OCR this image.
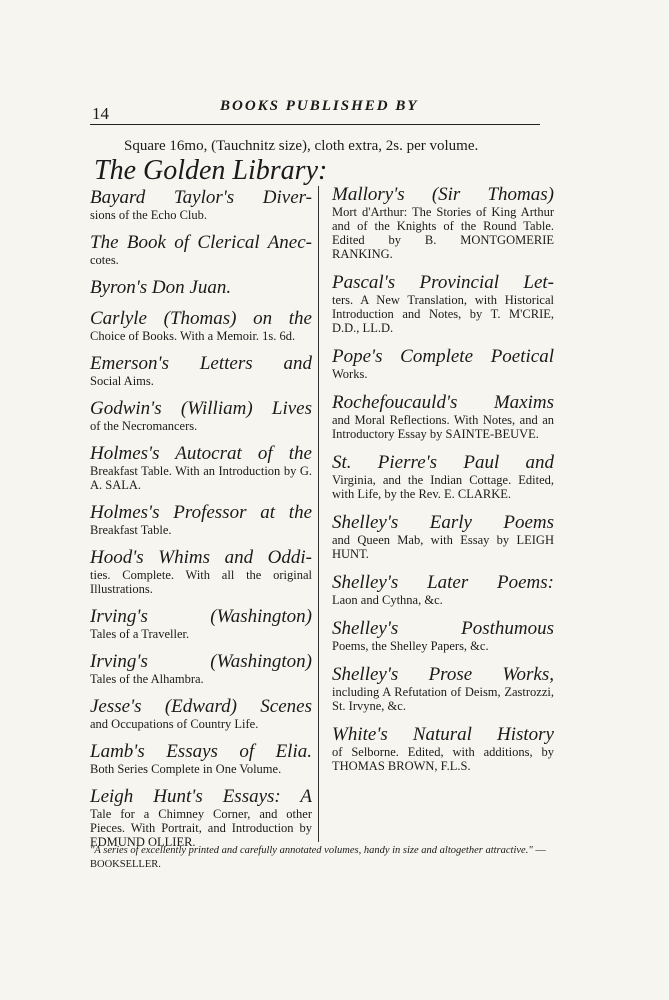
14	BOOKS PUBLISHED BY
Square 16mo, (Tauchnitz size), cloth extra, 2s. per volume.
The Golden Library:
Bayard Taylor's Diver-
sions of the Echo Club.
The Book of Clerical Anec-
cotes.
Byron's Don Juan.
Carlyle (Thomas) on the
Choice of Books. With a Memoir. 1s. 6d.
Emerson's Letters and
Social Aims.
Godwin's (William) Lives
of the Necromancers.
Holmes's Autocrat of the
Breakfast Table. With an Introduction by G. A. SALA.
Holmes's Professor at the
Breakfast Table.
Hood's Whims and Oddi-
ties. Complete. With all the original Illustrations.
Irving's (Washington)
Tales of a Traveller.
Irving's (Washington)
Tales of the Alhambra.
Jesse's (Edward) Scenes
and Occupations of Country Life.
Lamb's Essays of Elia.
Both Series Complete in One Volume.
Leigh Hunt's Essays: A
Tale for a Chimney Corner, and other Pieces. With Portrait, and Introduction by EDMUND OLLIER.
Mallory's (Sir Thomas)
Mort d'Arthur: The Stories of King Arthur and of the Knights of the Round Table. Edited by B. MONTGOMERIE RANKING.
Pascal's Provincial Let-
ters. A New Translation, with Historical Introduction and Notes, by T. M'CRIE, D.D., LL.D.
Pope's Complete Poetical
Works.
Rochefoucauld's Maxims
and Moral Reflections. With Notes, and an Introductory Essay by SAINTE-BEUVE.
St. Pierre's Paul and
Virginia, and the Indian Cottage. Edited, with Life, by the Rev. E. CLARKE.
Shelley's Early Poems
and Queen Mab, with Essay by LEIGH HUNT.
Shelley's Later Poems:
Laon and Cythna, &c.
Shelley's Posthumous
Poems, the Shelley Papers, &c.
Shelley's Prose Works,
including A Refutation of Deism, Zastrozzi, St. Irvyne, &c.
White's Natural History
of Selborne. Edited, with additions, by THOMAS BROWN, F.L.S.
"A series of excellently printed and carefully annotated volumes, handy in size and altogether attractive." —BOOKSELLER.
